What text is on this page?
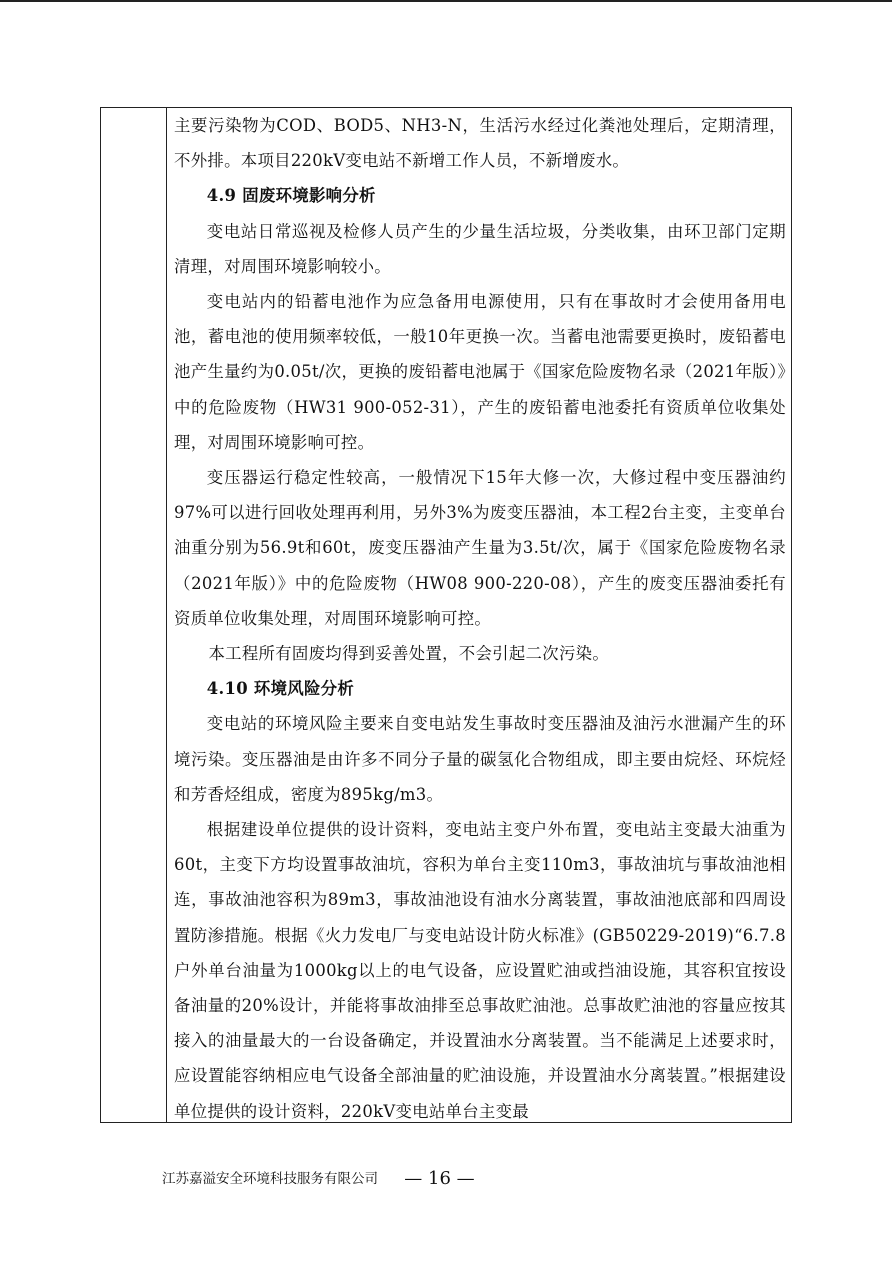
主要污染物为COD、BOD5、NH3-N，生活污水经过化粪池处理后，定期清理，不外排。本项目220kV变电站不新增工作人员，不新增废水。

4.9 固废环境影响分析

变电站日常巡视及检修人员产生的少量生活垃圾，分类收集，由环卫部门定期清理，对周围环境影响较小。

变电站内的铅蓄电池作为应急备用电源使用，只有在事故时才会使用备用电池，蓄电池的使用频率较低，一般10年更换一次。当蓄电池需要更换时，废铅蓄电池产生量约为0.05t/次，更换的废铅蓄电池属于《国家危险废物名录（2021年版）》中的危险废物（HW31 900-052-31），产生的废铅蓄电池委托有资质单位收集处理，对周围环境影响可控。

变压器运行稳定性较高，一般情况下15年大修一次，大修过程中变压器油约97%可以进行回收处理再利用，另外3%为废变压器油，本工程2台主变，主变单台油重分别为56.9t和60t，废变压器油产生量为3.5t/次，属于《国家危险废物名录（2021年版）》中的危险废物（HW08 900-220-08），产生的废变压器油委托有资质单位收集处理，对周围环境影响可控。

本工程所有固废均得到妥善处置，不会引起二次污染。

4.10 环境风险分析

变电站的环境风险主要来自变电站发生事故时变压器油及油污水泄漏产生的环境污染。变压器油是由许多不同分子量的碳氢化合物组成，即主要由烷烃、环烷烃和芳香烃组成，密度为895kg/m3。

根据建设单位提供的设计资料，变电站主变户外布置，变电站主变最大油重为60t，主变下方均设置事故油坑，容积为单台主变110m3，事故油坑与事故油池相连，事故油池容积为89m3，事故油池设有油水分离装置，事故油池底部和四周设置防渗措施。根据《火力发电厂与变电站设计防火标准》(GB50229-2019)“6.7.8　户外单台油量为1000kg以上的电气设备，应设置贮油或挡油设施，其容积宜按设备油量的20%设计，并能将事故油排至总事故贮油池。总事故贮油池的容量应按其接入的油量最大的一台设备确定，并设置油水分离装置。当不能满足上述要求时，应设置能容纳相应电气设备全部油量的贮油设施，并设置油水分离装置。”根据建设单位提供的设计资料，220kV变电站单台主变最

江苏嘉溢安全环境科技服务有限公司 — 16 —
